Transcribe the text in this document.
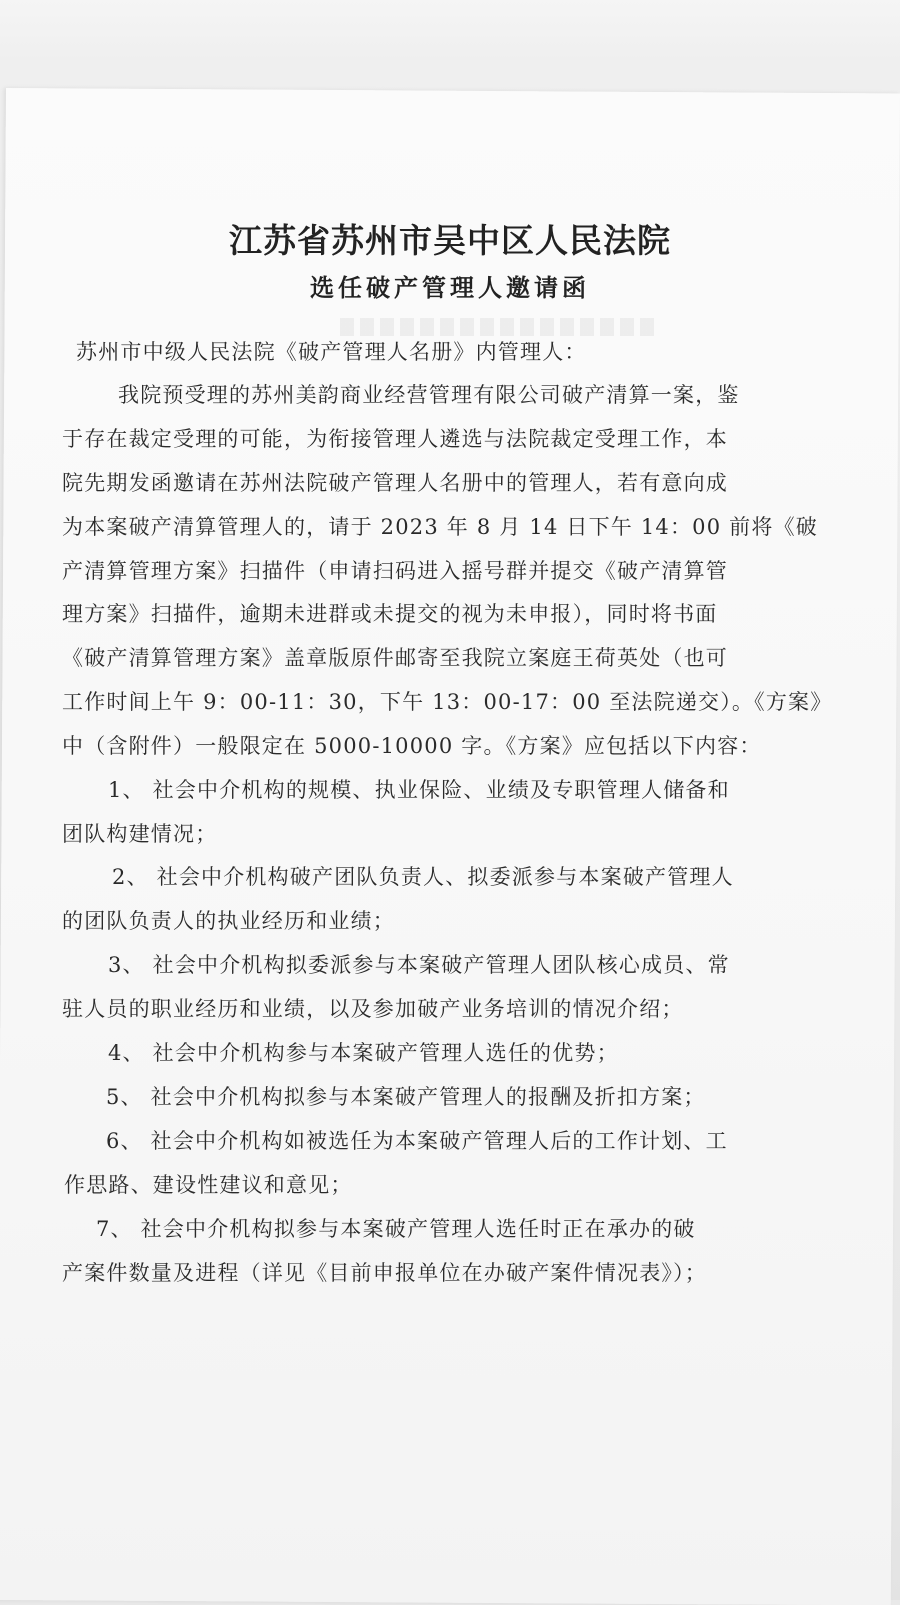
江苏省苏州市吴中区人民法院
选任破产管理人邀请函
苏州市中级人民法院《破产管理人名册》内管理人：
我院预受理的苏州美韵商业经营管理有限公司破产清算一案，鉴
于存在裁定受理的可能，为衔接管理人遴选与法院裁定受理工作，本
院先期发函邀请在苏州法院破产管理人名册中的管理人，若有意向成
为本案破产清算管理人的，请于 2023 年 8 月 14 日下午 14：00 前将《破
产清算管理方案》扫描件（申请扫码进入摇号群并提交《破产清算管
理方案》扫描件，逾期未进群或未提交的视为未申报），同时将书面
《破产清算管理方案》盖章版原件邮寄至我院立案庭王荷英处（也可
工作时间上午 9：00-11：30，下午 13：00-17：00 至法院递交）。《方案》
中（含附件）一般限定在 5000-10000 字。《方案》应包括以下内容：
1、 社会中介机构的规模、执业保险、业绩及专职管理人储备和
团队构建情况；
2、 社会中介机构破产团队负责人、拟委派参与本案破产管理人
的团队负责人的执业经历和业绩；
3、 社会中介机构拟委派参与本案破产管理人团队核心成员、常
驻人员的职业经历和业绩，以及参加破产业务培训的情况介绍；
4、 社会中介机构参与本案破产管理人选任的优势；
5、 社会中介机构拟参与本案破产管理人的报酬及折扣方案；
6、 社会中介机构如被选任为本案破产管理人后的工作计划、工
作思路、建设性建议和意见；
7、 社会中介机构拟参与本案破产管理人选任时正在承办的破
产案件数量及进程（详见《目前申报单位在办破产案件情况表》）；
